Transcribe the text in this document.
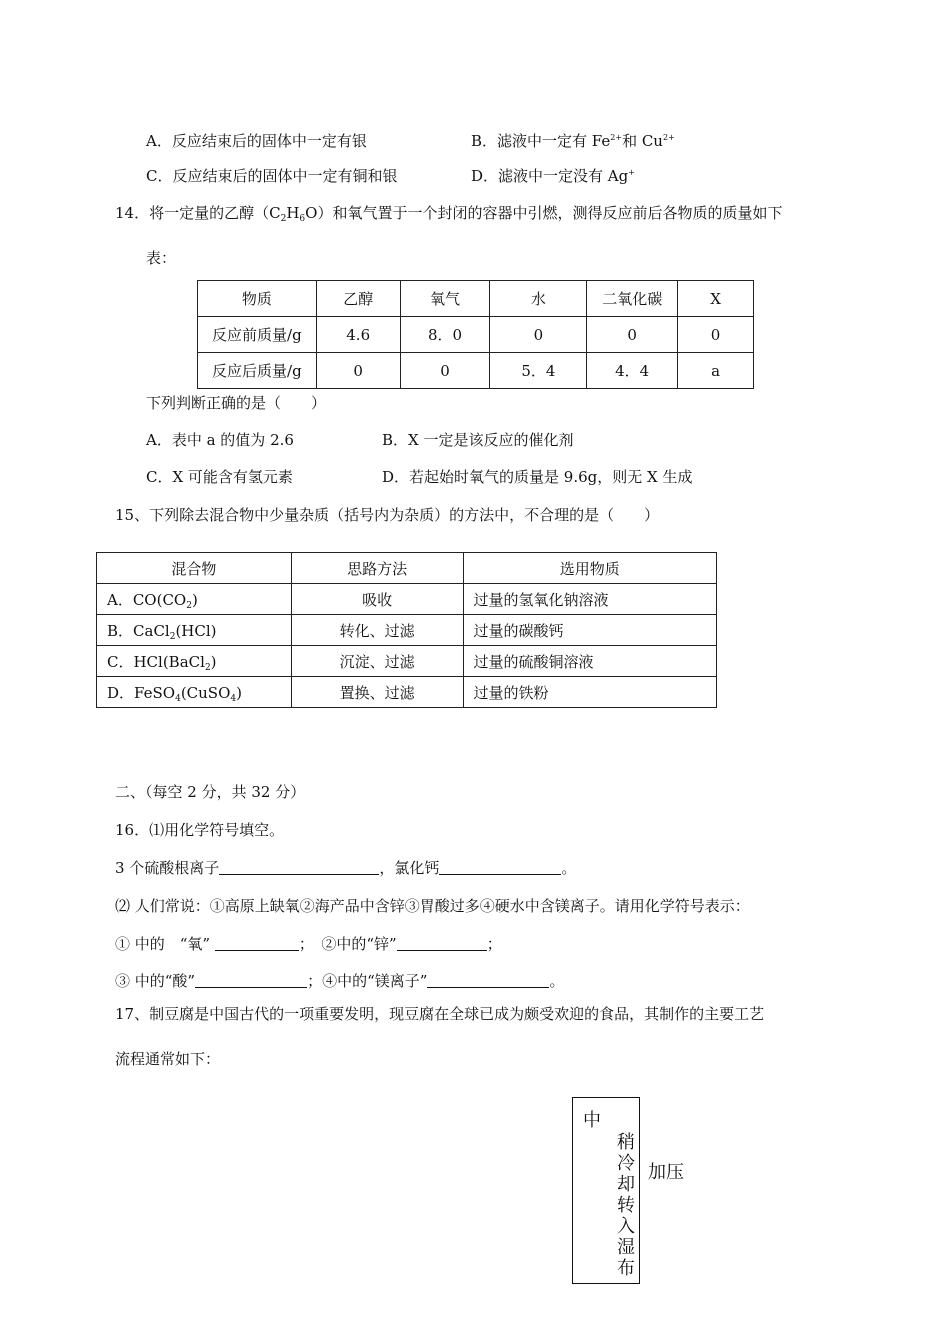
A．反应结束后的固体中一定有银	B．滤液中一定有 $Fe^{2+}$和 $Cu^{2+}$
C．反应结束后的固体中一定有铜和银	D．滤液中一定没有 Ag+
14．将一定量的乙醇$(C_2H_6O)$和氧气置于一个封闭的容器中引燃，测得反应前后各物质的质量如下
表：
物质	乙醇	氧气	水	二氧化碳	X
反应前质量/g	4.6	8．0	0	0	0
反应后质量/g	0	0	5．4	4．4	a
下列判断正确的是（　　）
A．表中 a 的值为 2.6	B．X 一定是该反应的催化剂
C．X 可能含有氢元素	D．若起始时氧气的质量是 9.6g，则无 X 生成
15、下列除去混合物中少量杂质（括号内为杂质）的方法中，不合理的是（　　）
混合物	思路方法	选用物质
A．$CO(CO_2)$	吸收	过量的氢氧化钠溶液
B．CaCl$_2$(HCl)	转化、过滤	过量的碳酸钙
C．HCl(BaCl$_2$)	沉淀、过滤	过量的硫酸铜溶液
D．FeSO$_4$(CuSO$_4$)	置换、过滤	过量的铁粉
二、（每空 2 分，共 32 分）
16．⑴用化学符号填空。
3 个硫酸根离子	，氯化钙	。
⑵ 人们常说：①高原上缺氧②海产品中含锌③胃酸过多④硬水中含镁离子。请用化学符号表示：
① 中的　“氧”	；　②中的“锌”	；
③ 中的“酸”	；④中的“镁离子”	。
17、制豆腐是中国古代的一项重要发明，现豆腐在全球已成为颇受欢迎的食品，其制作的主要工艺
流程通常如下：
中
稍冷却转入湿布
加压
